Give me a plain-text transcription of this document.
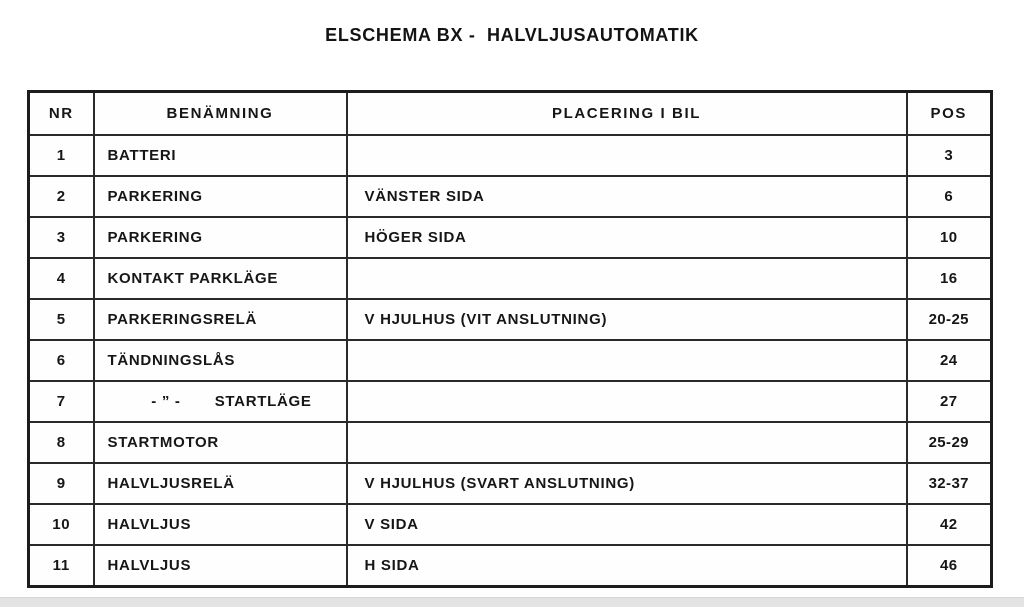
ELSCHEMA BX -  HALVLJUSAUTOMATIK
NR	BENÄMNING	PLACERING I BIL	POS
1	BATTERI		3
2	PARKERING	VÄNSTER SIDA	6
3	PARKERING	HÖGER SIDA	10
4	KONTAKT PARKLÄGE		16
5	PARKERINGSRELÄ	V HJULHUS (VIT ANSLUTNING)	20-25
6	TÄNDNINGSLÅS		24
7	- ” -       STARTLÄGE		27
8	STARTMOTOR		25-29
9	HALVLJUSRELÄ	V HJULHUS (SVART ANSLUTNING)	32-37
10	HALVLJUS	V SIDA	42
11	HALVLJUS	H SIDA	46
